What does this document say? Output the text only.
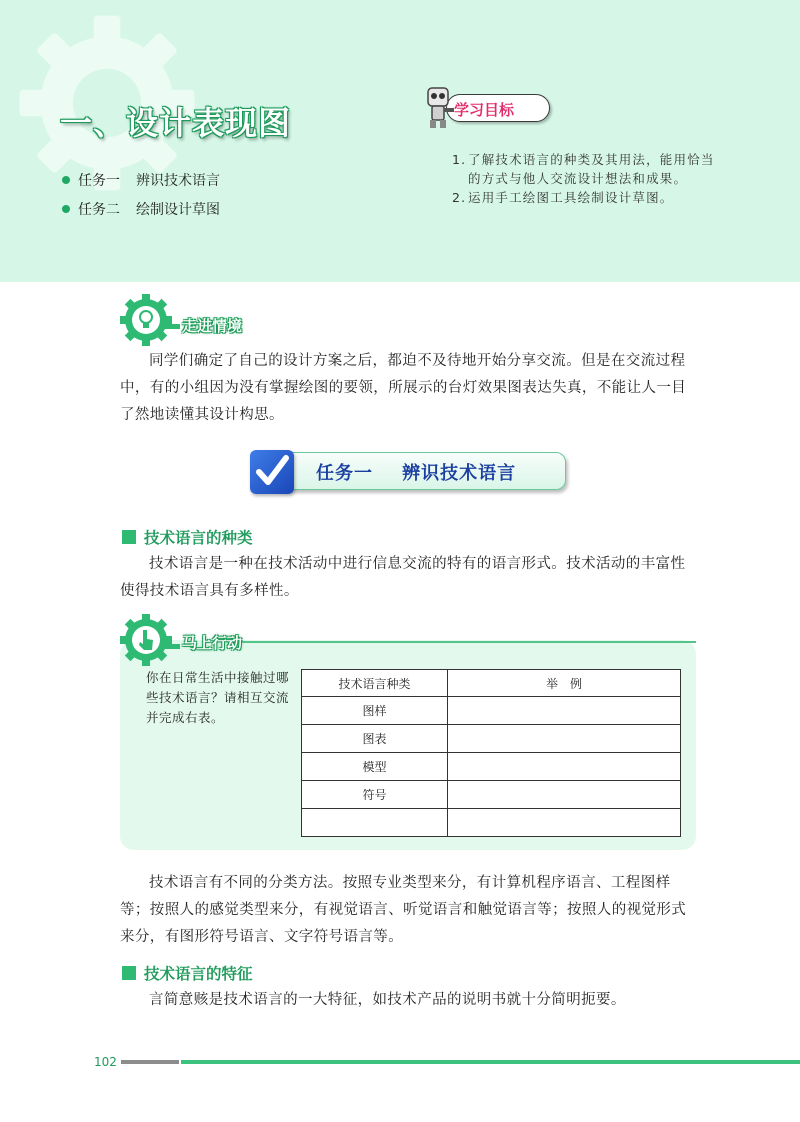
一、设计表现图
任务一 辨识技术语言
任务二 绘制设计草图
学习目标
1. 了解技术语言的种类及其用法，能用恰当的方式与他人交流设计想法和成果。
2. 运用手工绘图工具绘制设计草图。
走进情境

同学们确定了自己的设计方案之后，都迫不及待地开始分享交流。但是在交流过程中，有的小组因为没有掌握绘图的要领，所展示的台灯效果图表达失真，不能让人一目了然地读懂其设计构思。

任务一    辨识技术语言
技术语言的种类

技术语言是一种在技术活动中进行信息交流的特有的语言形式。技术活动的丰富性使得技术语言具有多样性。

马上行动

你在日常生活中接触过哪些技术语言？请相互交流并完成右表。

技术语言种类	举　例
图样	
图表	
模型	
符号	

技术语言有不同的分类方法。按照专业类型来分，有计算机程序语言、工程图样等；按照人的感觉类型来分，有视觉语言、听觉语言和触觉语言等；按照人的视觉形式来分，有图形符号语言、文字符号语言等。

技术语言的特征

言简意赅是技术语言的一大特征，如技术产品的说明书就十分简明扼要。

102
